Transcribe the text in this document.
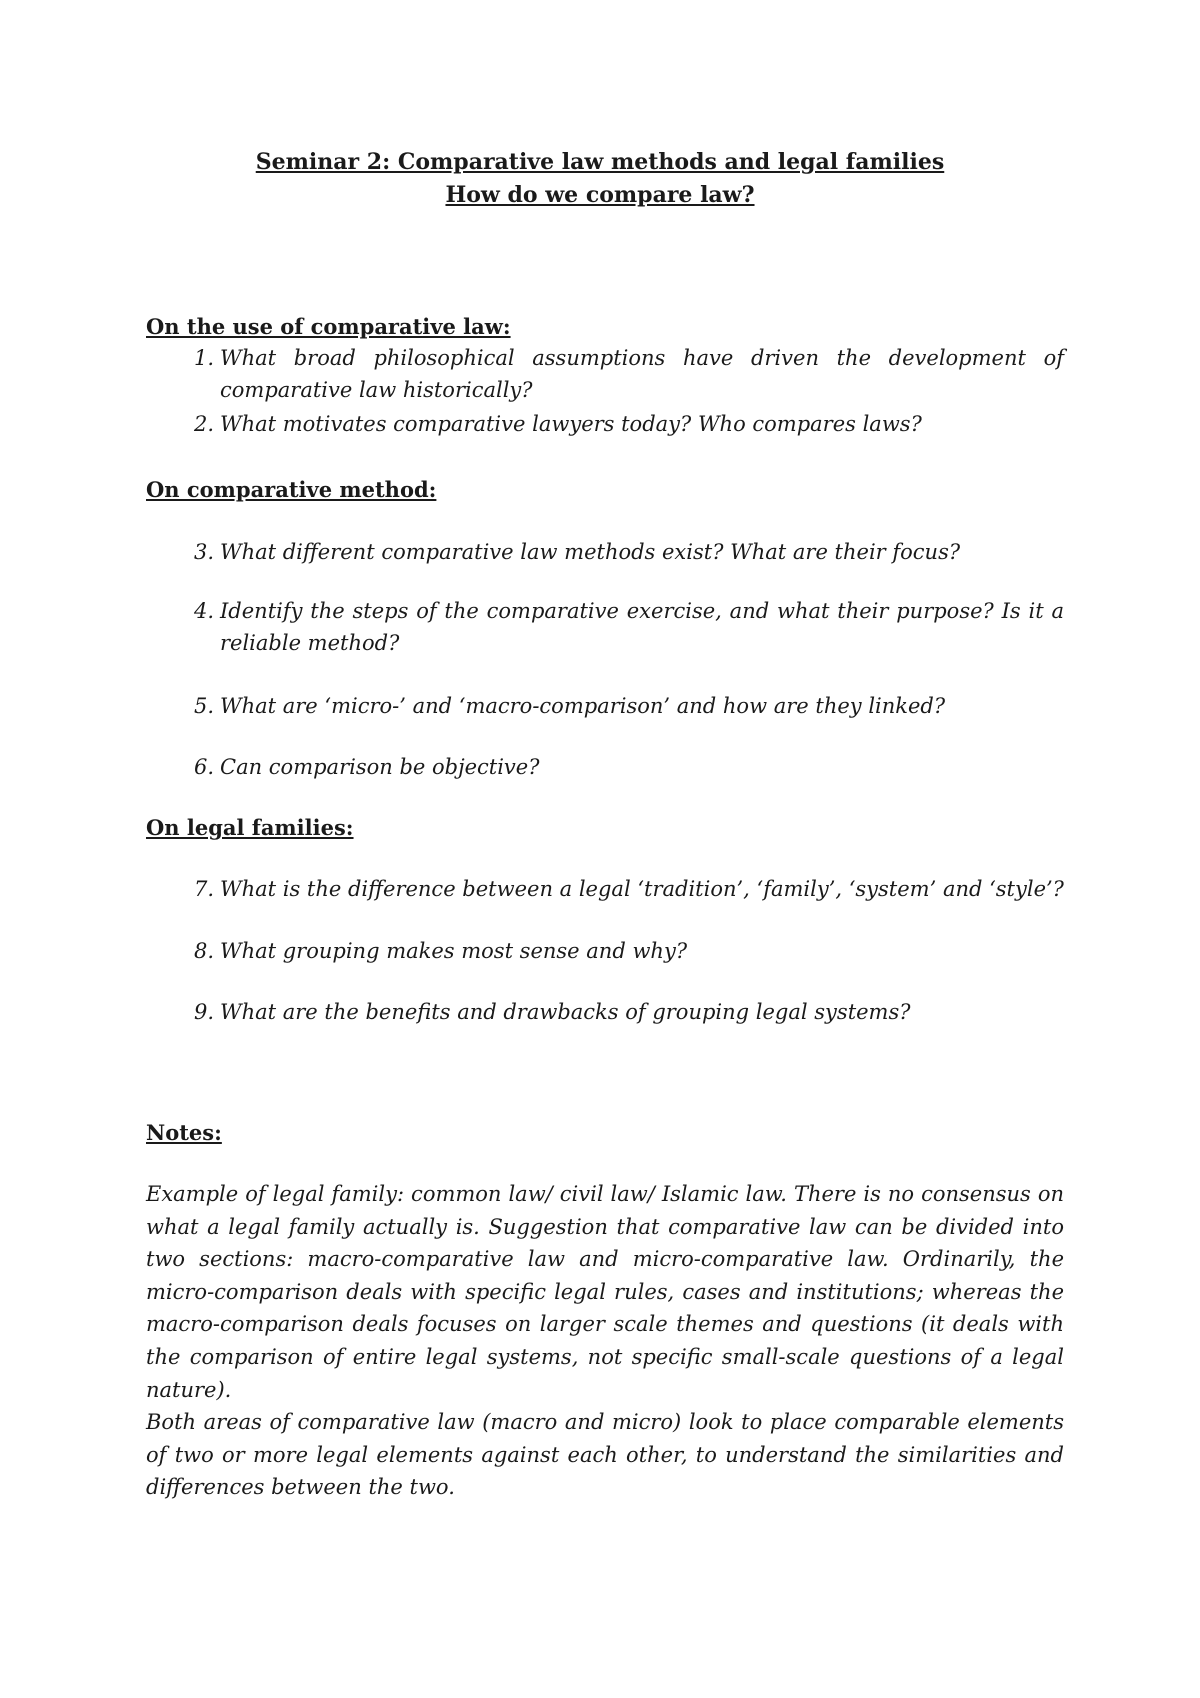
Seminar 2: Comparative law methods and legal families
How do we compare law?
On the use of comparative law:
1. What broad philosophical assumptions have driven the development of comparative law historically?
2. What motivates comparative lawyers today? Who compares laws?
On comparative method:
3. What different comparative law methods exist? What are their focus?
4. Identify the steps of the comparative exercise, and what their purpose? Is it a reliable method?
5. What are ‘micro-’ and ‘macro-comparison’ and how are they linked?
6. Can comparison be objective?
On legal families:
7. What is the difference between a legal ‘tradition’, ‘family’, ‘system’ and ‘style’?
8. What grouping makes most sense and why?
9. What are the benefits and drawbacks of grouping legal systems?
Notes:
Example of legal family: common law/ civil law/ Islamic law. There is no consensus on what a legal family actually is. Suggestion that comparative law can be divided into two sections: macro-comparative law and micro-comparative law. Ordinarily, the micro-comparison deals with specific legal rules, cases and institutions; whereas the macro-comparison deals focuses on larger scale themes and questions (it deals with the comparison of entire legal systems, not specific small-scale questions of a legal nature).
Both areas of comparative law (macro and micro) look to place comparable elements of two or more legal elements against each other, to understand the similarities and differences between the two.
